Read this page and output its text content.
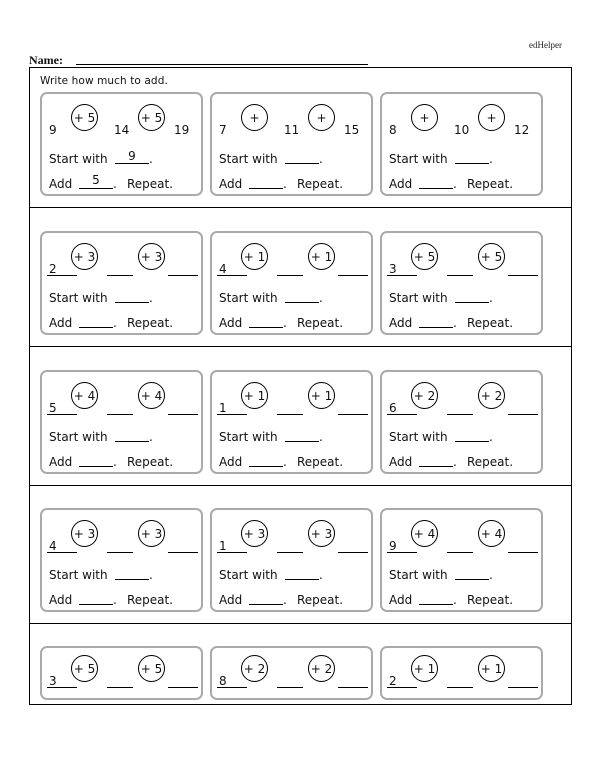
edHelper
Name:
Write how much to add.
9
+ 5
14
+ 5
19
Start with	9	.
Add	5	. Repeat.
7
+
11
+
15
Start with	.
Add	. Repeat.
8
+
10
+
12
Start with	.
Add	. Repeat.
2
+ 3	+ 3
Start with	.
Add	. Repeat.
4
+ 1	+ 1
Start with	.
Add	. Repeat.
3
+ 5	+ 5
Start with	.
Add	. Repeat.
5
+ 4	+ 4
Start with	.
Add	. Repeat.
1
+ 1	+ 1
Start with	.
Add	. Repeat.
6
+ 2	+ 2
Start with	.
Add	. Repeat.
4
+ 3	+ 3
Start with	.
Add	. Repeat.
1
+ 3	+ 3
Start with	.
Add	. Repeat.
9
+ 4	+ 4
Start with	.
Add	. Repeat.
3
+ 5	+ 5
8
+ 2	+ 2
2
+ 1	+ 1
